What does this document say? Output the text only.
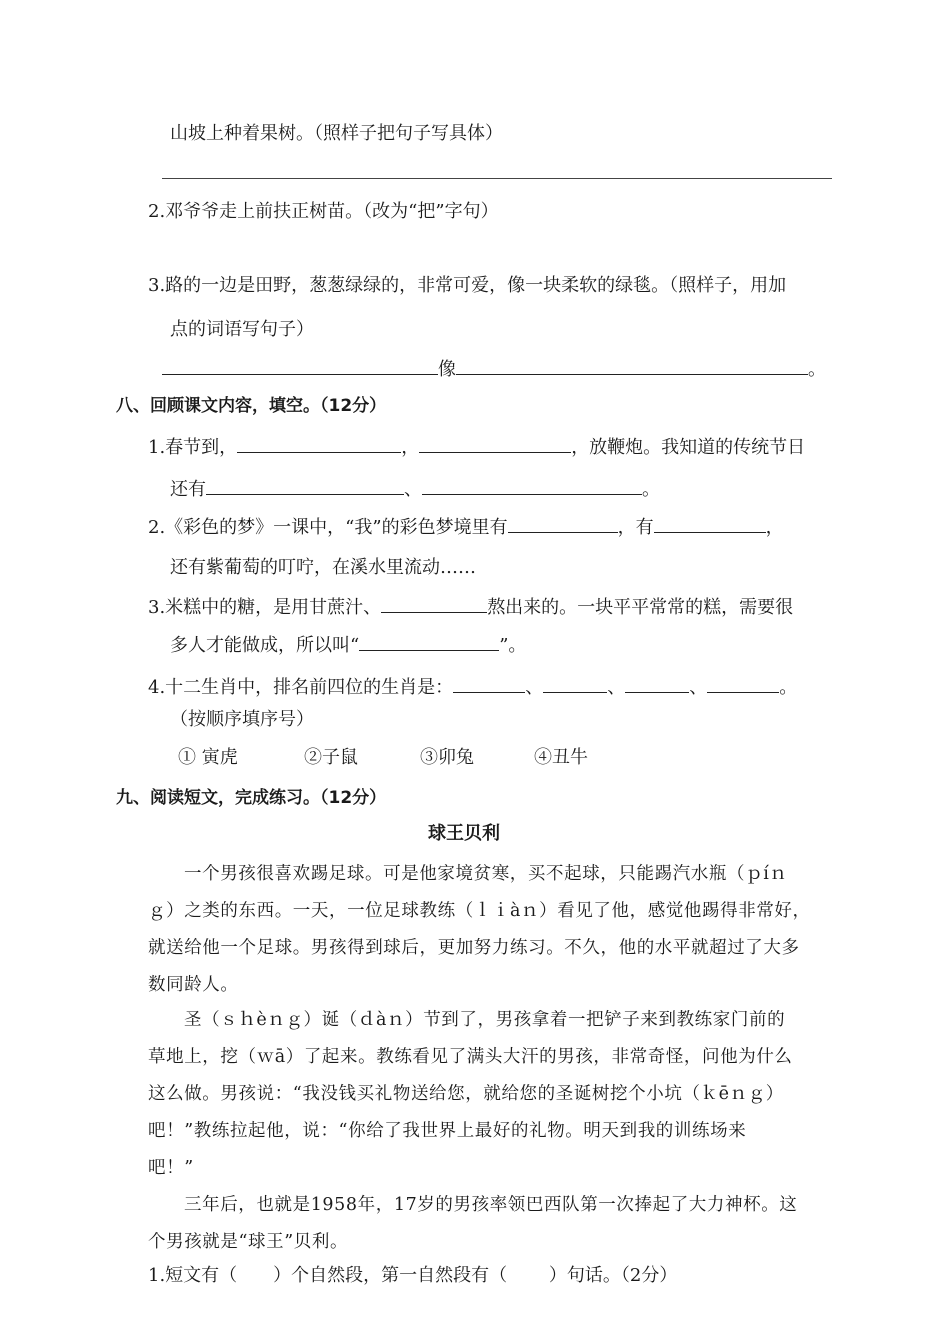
山坡上种着果树。（照样子把句子写具体）
2.邓爷爷走上前扶正树苗。（改为“把”字句）
3.路的一边是田野，葱葱绿绿的，非常可爱，像一块柔软的绿毯。（照样子，用加
点的词语写句子）
像	。
八、回顾课文内容，填空。（12分）
1.春节到，	，	，放鞭炮。我知道的传统节日
还有	、	。
2.《彩色的梦》一课中，“我”的彩色梦境里有	，有	，
还有紫葡萄的叮咛，在溪水里流动……
3.米糕中的糖，是用甘蔗汁、	熬出来的。一块平平常常的糕，需要很
多人才能做成，所以叫“	”。
4.十二生肖中，排名前四位的生肖是：	、	、	、	。
（按顺序填序号）
① 寅虎	②子鼠	③卯兔	④丑牛
九、阅读短文，完成练习。（12分）
球王贝利
一个男孩很喜欢踢足球。可是他家境贫寒，买不起球，只能踢汽水瓶（ｐíｎ
ｇ）之类的东西。一天，一位足球教练（ｌｉàｎ）看见了他，感觉他踢得非常好，
就送给他一个足球。男孩得到球后，更加努力练习。不久，他的水平就超过了大多
数同龄人。
圣（ｓｈèｎｇ）诞（ｄàｎ）节到了，男孩拿着一把铲子来到教练家门前的
草地上，挖（ｗā）了起来。教练看见了满头大汗的男孩，非常奇怪，问他为什么
这么做。男孩说：“我没钱买礼物送给您，就给您的圣诞树挖个小坑（ｋēｎｇ）
吧！”教练拉起他，说：“你给了我世界上最好的礼物。明天到我的训练场来
吧！”
三年后，也就是1958年，17岁的男孩率领巴西队第一次捧起了大力神杯。这
个男孩就是“球王”贝利。
1.短文有（　　）个自然段，第一自然段有（　　 ）句话。（2分）
